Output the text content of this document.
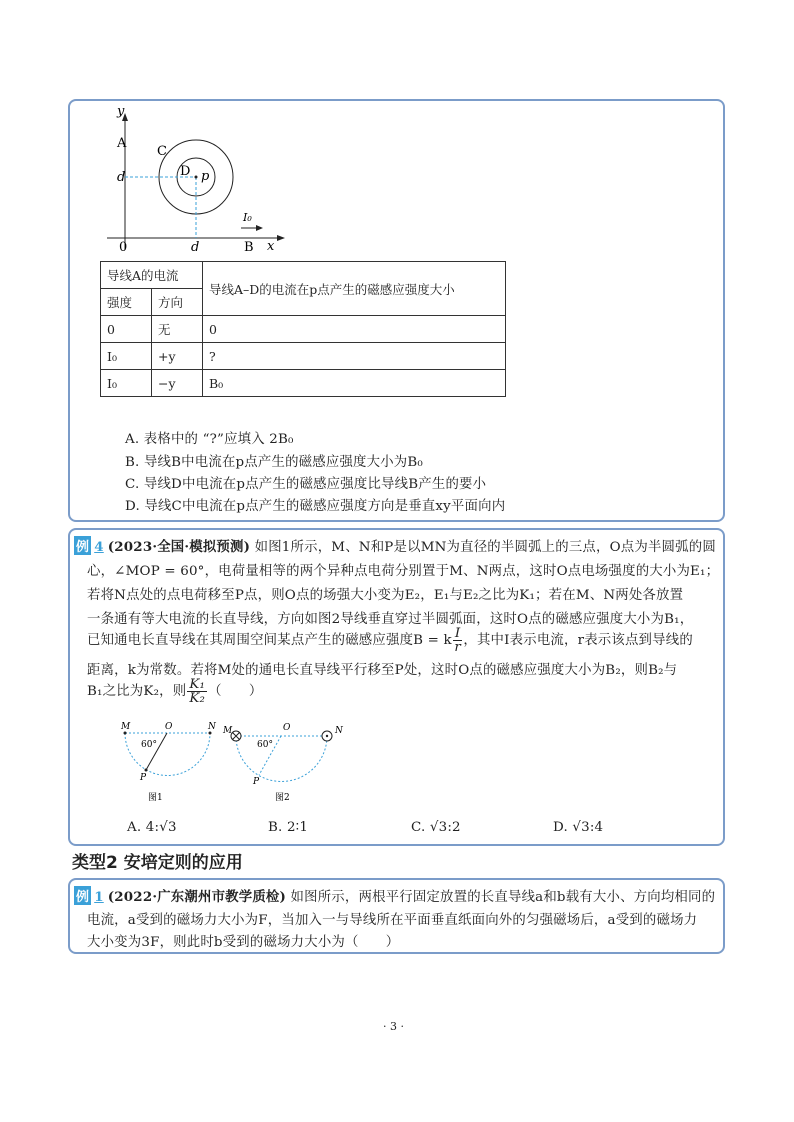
y
A
C
D p
d
d
0
I₀
B x
导线A的电流		导线A–D的电流在p点产生的磁感应强度大小
强度	方向	
0	无	0
I₀	+y	?
I₀	−y	B₀
A. 表格中的 “?”应填入 2B₀
B. 导线B中电流在p点产生的磁感应强度大小为B₀
C. 导线D中电流在p点产生的磁感应强度比导线B产生的要小
D. 导线C中电流在p点产生的磁感应强度方向是垂直xy平面向内
例 4 (2023·全国·模拟预测) 如图1所示，M、N和P是以MN为直径的半圆弧上的三点，O点为半圆弧的圆
心，∠MOP = 60°，电荷量相等的两个异种点电荷分别置于M、N两点，这时O点电场强度的大小为E₁；
若将N点处的点电荷移至P点，则O点的场强大小变为E₂，E₁与E₂之比为K₁；若在M、N两处各放置
一条通有等大电流的长直导线，方向如图2导线垂直穿过半圆弧面，这时O点的磁感应强度大小为B₁，
已知通电长直导线在其周围空间某点产生的磁感应强度B = k $\frac{I}{r}$ ，其中I表示电流，r表示该点到导线的
距离，k为常数。若将M处的通电长直导线平行移至P处，这时O点的磁感应强度大小为B₂，则B₂与
B₁之比为K₂，则 $\frac{\text{K₁}}{\text{K₂}}$ （　　）
M	O	N
P
60°
图1
M	O	N
P
60°
图2
A. 4:√3	B. 2∶1	C. √3:2	D. √3:4
类型2 安培定则的应用
例 1 (2022·广东潮州市教学质检) 如图所示，两根平行固定放置的长直导线a和b载有大小、方向均相同的
电流，a受到的磁场力大小为F，当加入一与导线所在平面垂直纸面向外的匀强磁场后，a受到的磁场力
大小变为3F，则此时b受到的磁场力大小为（　　）
· 3 ·
